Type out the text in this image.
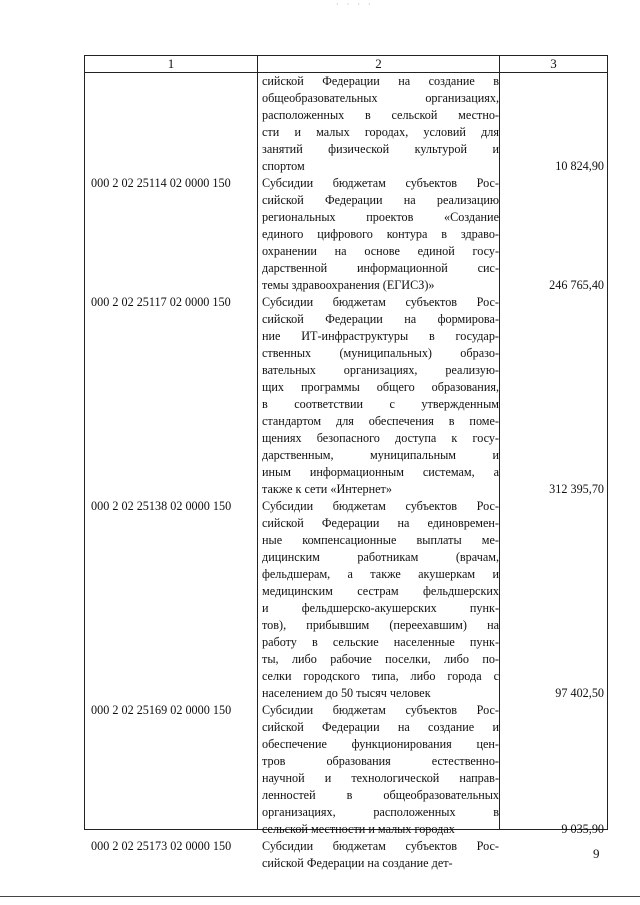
· · · ·
1	2	3
сийской Федерации на создание в
общеобразовательных организациях,
расположенных в сельской местно-
сти и малых городах, условий для
занятий физической культурой и
спортом	10 824,90
000 2 02 25114 02 0000 150	Субсидии бюджетам субъектов Рос-
сийской Федерации на реализацию
региональных проектов «Создание
единого цифрового контура в здраво-
охранении на основе единой госу-
дарственной информационной сис-
темы здравоохранения (ЕГИСЗ)»	246 765,40
000 2 02 25117 02 0000 150	Субсидии бюджетам субъектов Рос-
сийской Федерации на формирова-
ние ИТ-инфраструктуры в государ-
ственных (муниципальных) образо-
вательных организациях, реализую-
щих программы общего образования,
в соответствии с утвержденным
стандартом для обеспечения в поме-
щениях безопасного доступа к госу-
дарственным, муниципальным и
иным информационным системам, а
также к сети «Интернет»	312 395,70
000 2 02 25138 02 0000 150	Субсидии бюджетам субъектов Рос-
сийской Федерации на единовремен-
ные компенсационные выплаты ме-
дицинским работникам (врачам,
фельдшерам, а также акушеркам и
медицинским сестрам фельдшерских
и фельдшерско-акушерских пунк-
тов), прибывшим (переехавшим) на
работу в сельские населенные пунк-
ты, либо рабочие поселки, либо по-
селки городского типа, либо города с
населением до 50 тысяч человек	97 402,50
000 2 02 25169 02 0000 150	Субсидии бюджетам субъектов Рос-
сийской Федерации на создание и
обеспечение функционирования цен-
тров образования естественно-
научной и технологической направ-
ленностей в общеобразовательных
организациях, расположенных в
сельской местности и малых городах	9 035,90
000 2 02 25173 02 0000 150	Субсидии бюджетам субъектов Рос-
сийской Федерации на создание дет-
9
